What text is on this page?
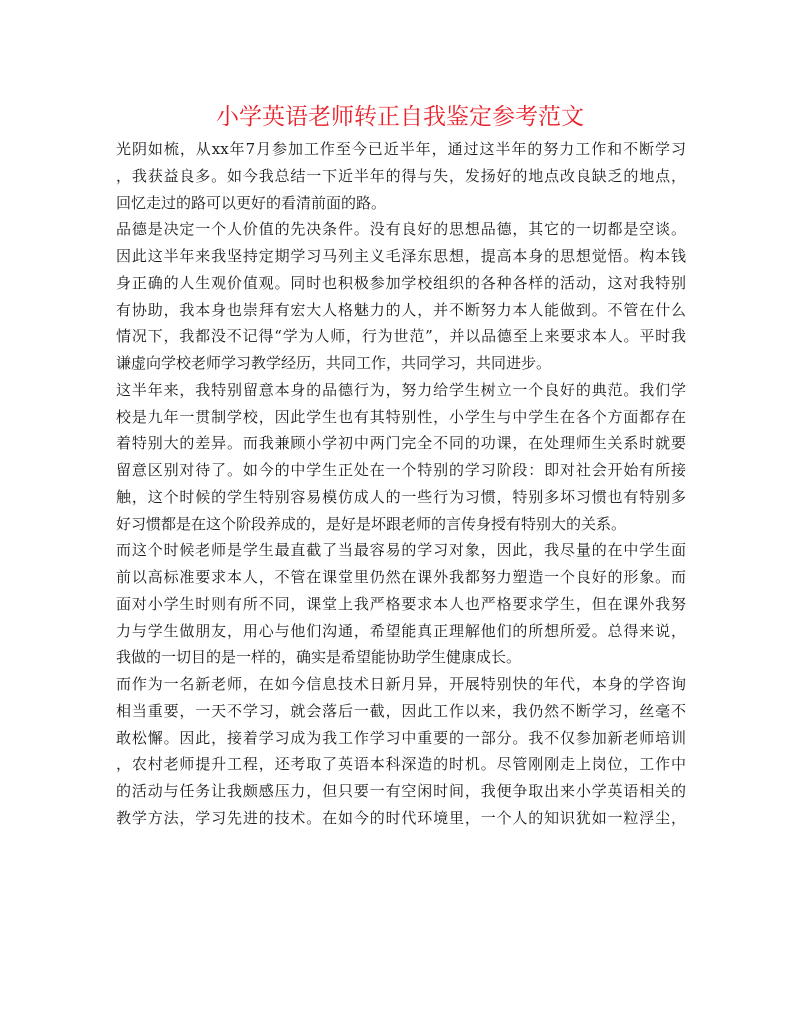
小学英语老师转正自我鉴定参考范文
光阴如梳，从xx年7月参加工作至今已近半年，通过这半年的努力工作和不断学习
，我获益良多。如今我总结一下近半年的得与失，发扬好的地点改良缺乏的地点，
回忆走过的路可以更好的看清前面的路。
品德是决定一个人价值的先决条件。没有良好的思想品德，其它的一切都是空谈。
因此这半年来我坚持定期学习马列主义毛泽东思想，提高本身的思想觉悟。构本钱
身正确的人生观价值观。同时也积极参加学校组织的各种各样的活动，这对我特别
有协助，我本身也崇拜有宏大人格魅力的人，并不断努力本人能做到。不管在什么
情况下，我都没不记得“学为人师，行为世范”，并以品德至上来要求本人。平时我
谦虚向学校老师学习教学经历，共同工作，共同学习，共同进步。
这半年来，我特别留意本身的品德行为，努力给学生树立一个良好的典范。我们学
校是九年一贯制学校，因此学生也有其特别性，小学生与中学生在各个方面都存在
着特别大的差异。而我兼顾小学初中两门完全不同的功课，在处理师生关系时就要
留意区别对待了。如今的中学生正处在一个特别的学习阶段：即对社会开始有所接
触，这个时候的学生特别容易模仿成人的一些行为习惯，特别多坏习惯也有特别多
好习惯都是在这个阶段养成的，是好是坏跟老师的言传身授有特别大的关系。
而这个时候老师是学生最直截了当最容易的学习对象，因此，我尽量的在中学生面
前以高标准要求本人，不管在课堂里仍然在课外我都努力塑造一个良好的形象。而
面对小学生时则有所不同，课堂上我严格要求本人也严格要求学生，但在课外我努
力与学生做朋友，用心与他们沟通，希望能真正理解他们的所想所爱。总得来说，
我做的一切目的是一样的，确实是希望能协助学生健康成长。
而作为一名新老师，在如今信息技术日新月异，开展特别快的年代，本身的学咨询
相当重要，一天不学习，就会落后一截，因此工作以来，我仍然不断学习，丝毫不
敢松懈。因此，接着学习成为我工作学习中重要的一部分。我不仅参加新老师培训
，农村老师提升工程，还考取了英语本科深造的时机。尽管刚刚走上岗位，工作中
的活动与任务让我颇感压力，但只要一有空闲时间，我便争取出来小学英语相关的
教学方法，学习先进的技术。在如今的时代环境里，一个人的知识犹如一粒浮尘，
